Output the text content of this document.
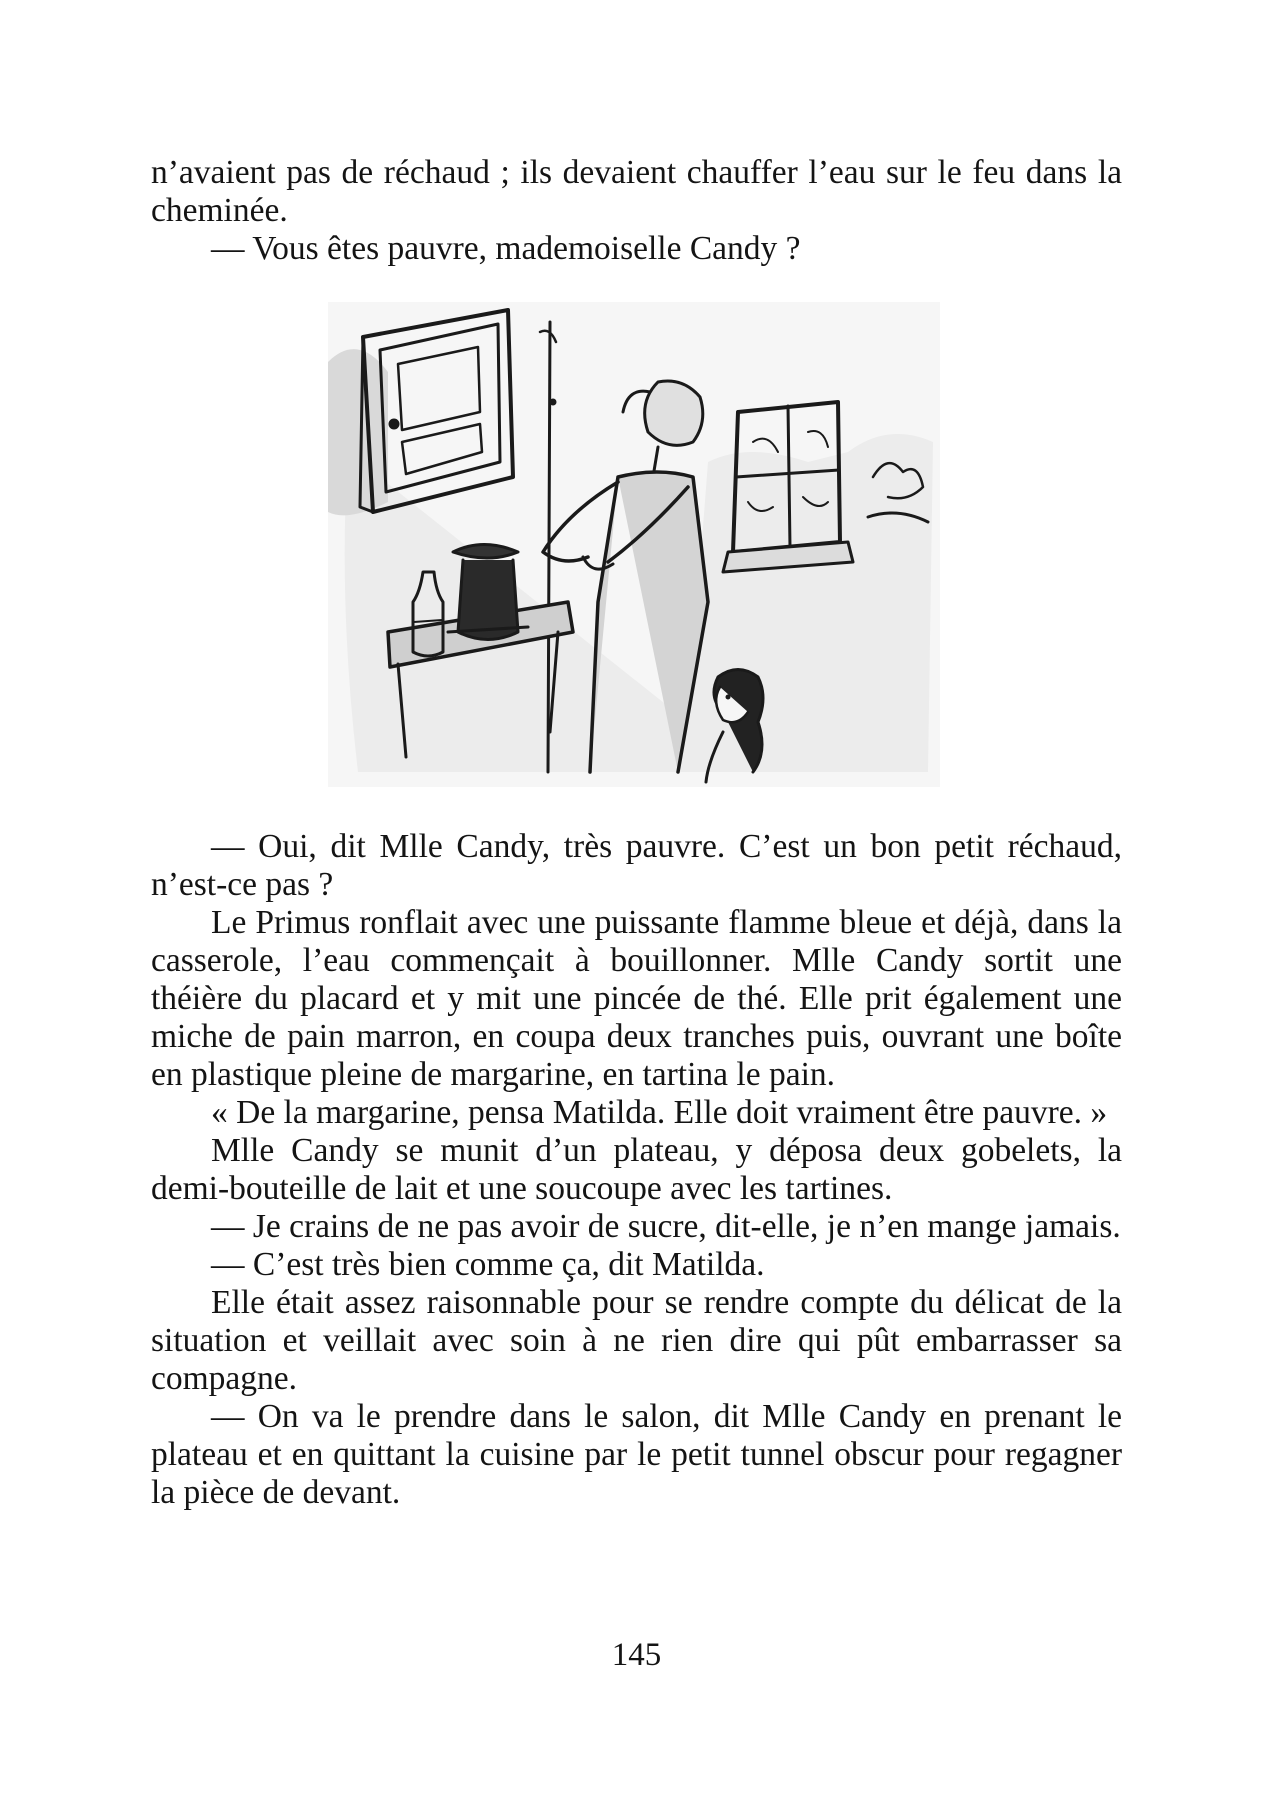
n’avaient pas de réchaud ; ils devaient chauffer l’eau sur le feu dans la cheminée.

— Vous êtes pauvre, mademoiselle Candy ?

— Oui, dit Mlle Candy, très pauvre. C’est un bon petit réchaud, n’est-ce pas ?

Le Primus ronflait avec une puissante flamme bleue et déjà, dans la casserole, l’eau commençait à bouillonner. Mlle Candy sortit une théière du placard et y mit une pincée de thé. Elle prit également une miche de pain marron, en coupa deux tranches puis, ouvrant une boîte en plastique pleine de margarine, en tartina le pain.

« De la margarine, pensa Matilda. Elle doit vraiment être pauvre. »

Mlle Candy se munit d’un plateau, y déposa deux gobelets, la demi-bouteille de lait et une soucoupe avec les tartines.

— Je crains de ne pas avoir de sucre, dit-elle, je n’en mange jamais.

— C’est très bien comme ça, dit Matilda.

Elle était assez raisonnable pour se rendre compte du délicat de la situation et veillait avec soin à ne rien dire qui pût embarrasser sa compagne.

— On va le prendre dans le salon, dit Mlle Candy en prenant le plateau et en quittant la cuisine par le petit tunnel obscur pour regagner la pièce de devant.

145
